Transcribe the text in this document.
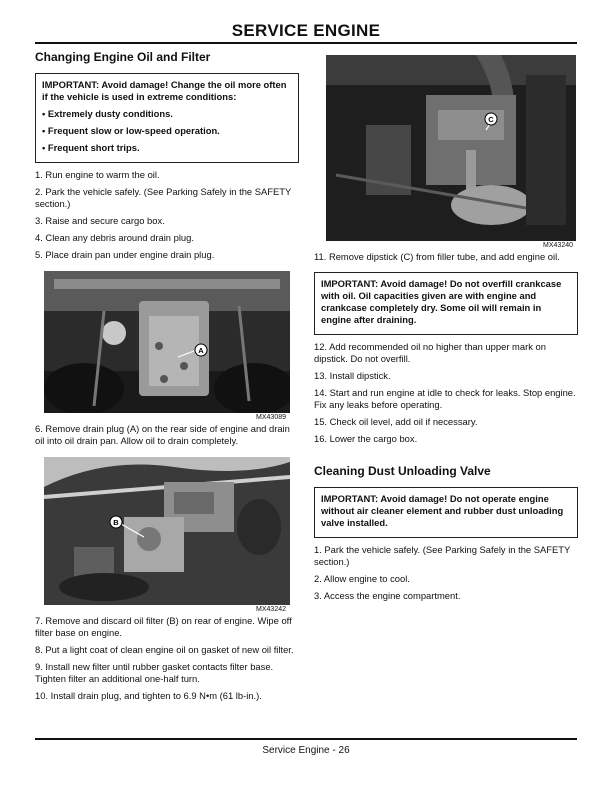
SERVICE ENGINE
Changing Engine Oil and Filter

IMPORTANT: Avoid damage! Change the oil more often if the vehicle is used in extreme conditions:

• Extremely dusty conditions.

• Frequent slow or low-speed operation.

• Frequent short trips.

1. Run engine to warm the oil.

2. Park the vehicle safely. (See Parking Safely in the SAFETY section.)

3. Raise and secure cargo box.

4. Clean any debris around drain plug.

5. Place drain pan under engine drain plug.

A
MX43089

6. Remove drain plug (A) on the rear side of engine and drain oil into oil drain pan. Allow oil to drain completely.

B
MX43242

7. Remove and discard oil filter (B) on rear of engine. Wipe off filter base on engine.

8. Put a light coat of clean engine oil on gasket of new oil filter.

9. Install new filter until rubber gasket contacts filter base. Tighten filter an additional one-half turn.

10. Install drain plug, and tighten to 6.9 N•m (61 lb-in.).

C
MX43240

11. Remove dipstick (C) from filler tube, and add engine oil.

IMPORTANT: Avoid damage! Do not overfill crankcase with oil. Oil capacities given are with engine and crankcase completely dry. Some oil will remain in engine after draining.

12. Add recommended oil no higher than upper mark on dipstick. Do not overfill.

13. Install dipstick.

14. Start and run engine at idle to check for leaks. Stop engine. Fix any leaks before operating.

15. Check oil level, add oil if necessary.

16. Lower the cargo box.

Cleaning Dust Unloading Valve

IMPORTANT: Avoid damage! Do not operate engine without air cleaner element and rubber dust unloading valve installed.

1. Park the vehicle safely. (See Parking Safely in the SAFETY section.)

2. Allow engine to cool.

3. Access the engine compartment.

Service Engine - 26
